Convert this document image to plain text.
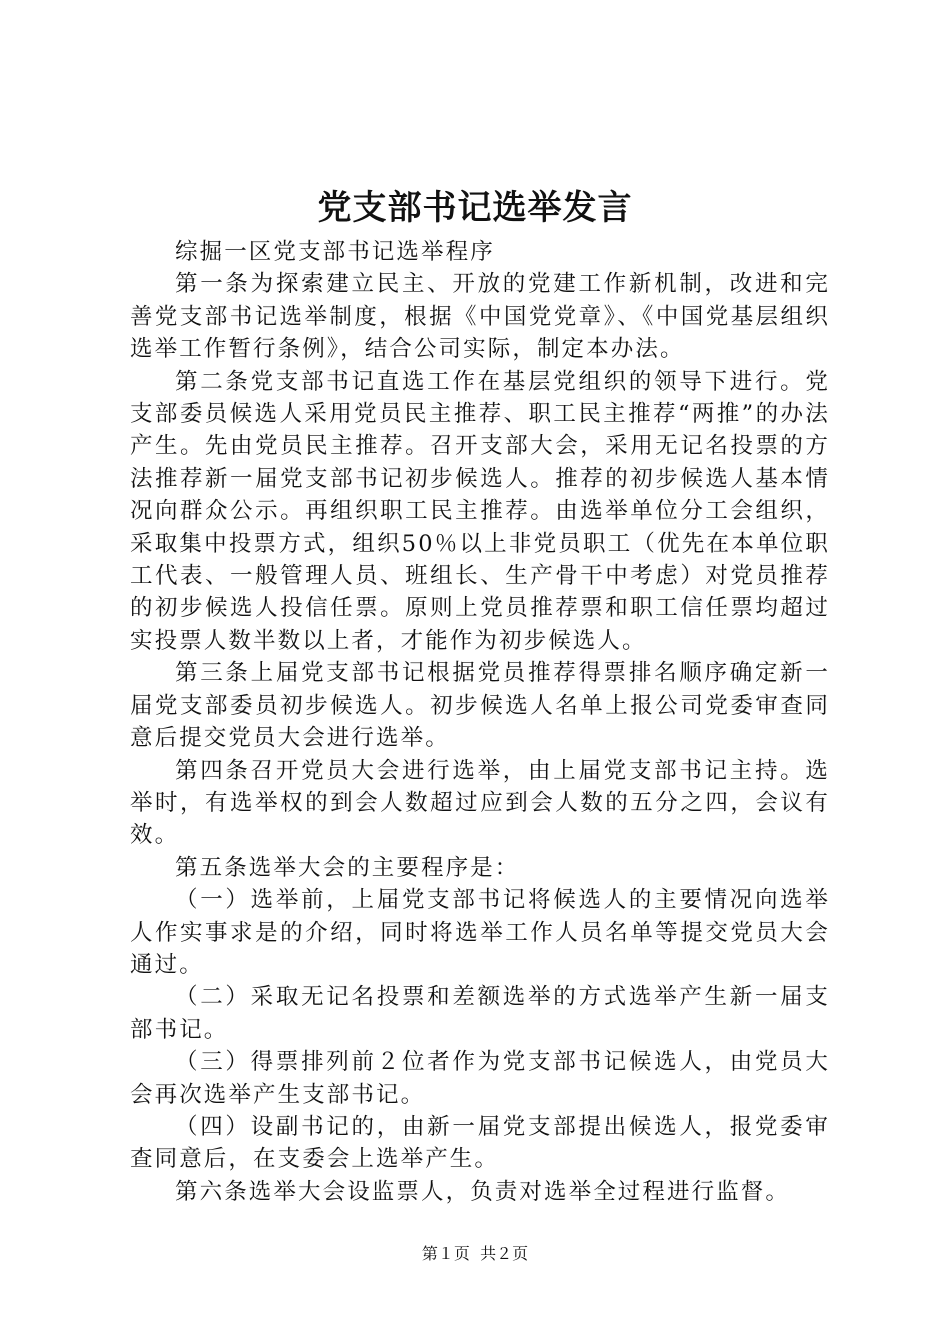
党支部书记选举发言

综掘一区党支部书记选举程序

第一条为探索建立民主、开放的党建工作新机制，改进和完善党支部书记选举制度，根据《中国党党章》、《中国党基层组织选举工作暂行条例》，结合公司实际，制定本办法。

第二条党支部书记直选工作在基层党组织的领导下进行。党支部委员候选人采用党员民主推荐、职工民主推荐“两推”的办法产生。先由党员民主推荐。召开支部大会，采用无记名投票的方法推荐新一届党支部书记初步候选人。推荐的初步候选人基本情况向群众公示。再组织职工民主推荐。由选举单位分工会组织，采取集中投票方式，组织50％以上非党员职工（优先在本单位职工代表、一般管理人员、班组长、生产骨干中考虑）对党员推荐的初步候选人投信任票。原则上党员推荐票和职工信任票均超过实投票人数半数以上者，才能作为初步候选人。

第三条上届党支部书记根据党员推荐得票排名顺序确定新一届党支部委员初步候选人。初步候选人名单上报公司党委审查同意后提交党员大会进行选举。

第四条召开党员大会进行选举，由上届党支部书记主持。选举时，有选举权的到会人数超过应到会人数的五分之四，会议有效。

第五条选举大会的主要程序是：

（一）选举前，上届党支部书记将候选人的主要情况向选举人作实事求是的介绍，同时将选举工作人员名单等提交党员大会通过。

（二）采取无记名投票和差额选举的方式选举产生新一届支部书记。

（三）得票排列前２位者作为党支部书记候选人，由党员大会再次选举产生支部书记。

（四）设副书记的，由新一届党支部提出候选人，报党委审查同意后，在支委会上选举产生。

第六条选举大会设监票人，负责对选举全过程进行监督。

第１页  共２页
